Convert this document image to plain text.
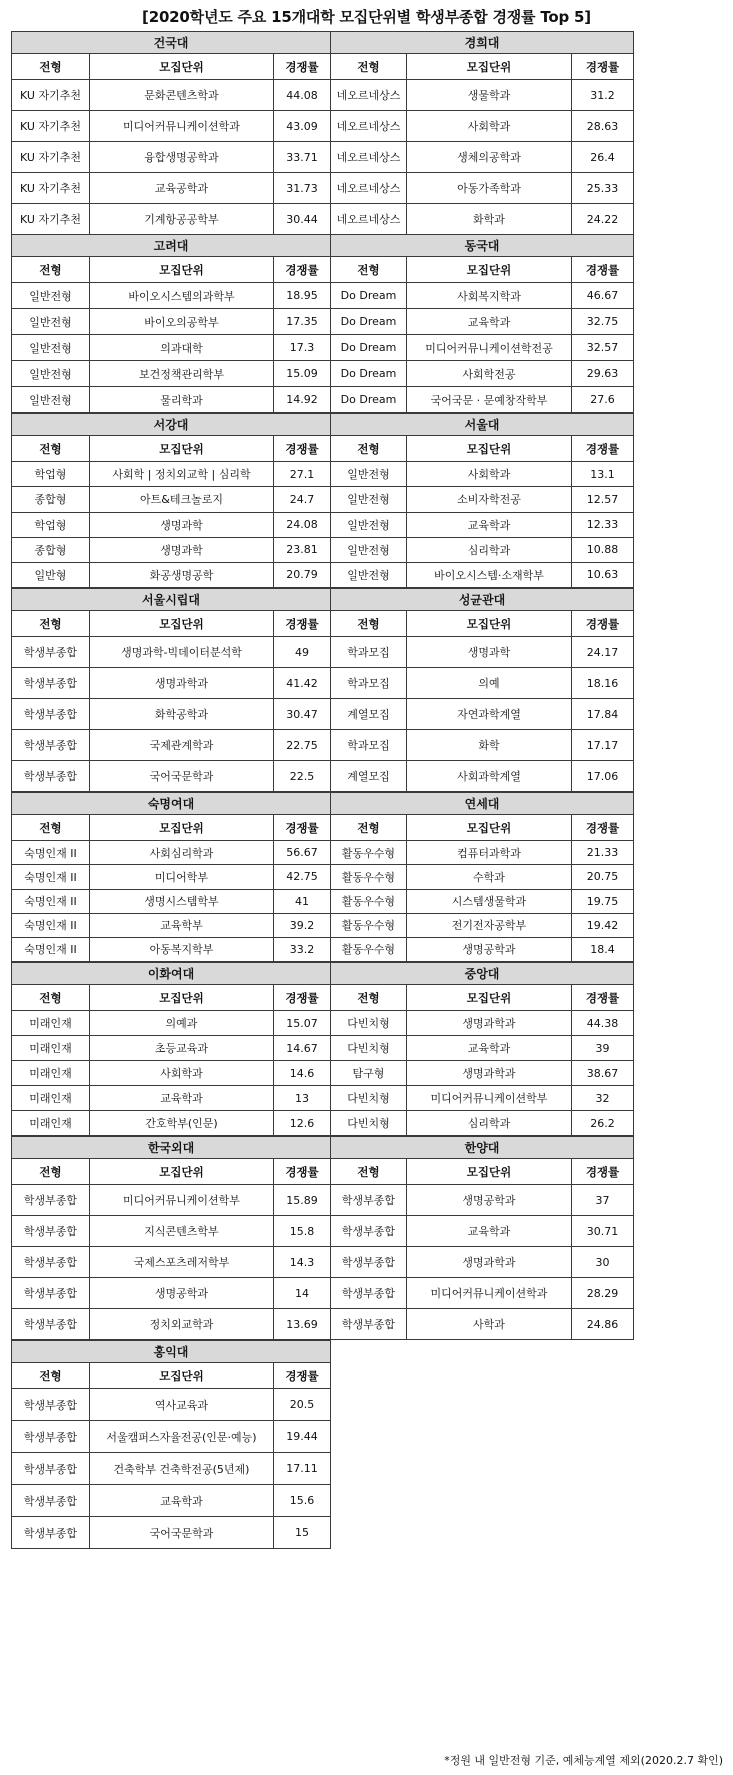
[2020학년도 주요 15개대학 모집단위별 학생부종합 경쟁률 Top 5]
건국대		
전형	모집단위	경쟁률
KU 자기추천	문화콘텐츠학과	44.08
KU 자기추천	미디어커뮤니케이션학과	43.09
KU 자기추천	융합생명공학과	33.71
KU 자기추천	교육공학과	31.73
KU 자기추천	기계항공공학부	30.44
경희대		
전형	모집단위	경쟁률
네오르네상스	생물학과	31.2
네오르네상스	사회학과	28.63
네오르네상스	생체의공학과	26.4
네오르네상스	아동가족학과	25.33
네오르네상스	화학과	24.22
고려대		
전형	모집단위	경쟁률
일반전형	바이오시스템의과학부	18.95
일반전형	바이오의공학부	17.35
일반전형	의과대학	17.3
일반전형	보건정책관리학부	15.09
일반전형	물리학과	14.92
동국대		
전형	모집단위	경쟁률
Do Dream	사회복지학과	46.67
Do Dream	교육학과	32.75
Do Dream	미디어커뮤니케이션학전공	32.57
Do Dream	사회학전공	29.63
Do Dream	국어국문 · 문예창작학부	27.6
서강대		
전형	모집단위	경쟁률
학업형	사회학 | 정치외교학 | 심리학	27.1
종합형	아트&테크놀로지	24.7
학업형	생명과학	24.08
종합형	생명과학	23.81
일반형	화공생명공학	20.79
서울대		
전형	모집단위	경쟁률
일반전형	사회학과	13.1
일반전형	소비자학전공	12.57
일반전형	교육학과	12.33
일반전형	심리학과	10.88
일반전형	바이오시스템·소재학부	10.63
서울시립대		
전형	모집단위	경쟁률
학생부종합	생명과학-빅데이터분석학	49
학생부종합	생명과학과	41.42
학생부종합	화학공학과	30.47
학생부종합	국제관계학과	22.75
학생부종합	국어국문학과	22.5
성균관대		
전형	모집단위	경쟁률
학과모집	생명과학	24.17
학과모집	의예	18.16
계열모집	자연과학계열	17.84
학과모집	화학	17.17
계열모집	사회과학계열	17.06
숙명여대		
전형	모집단위	경쟁률
숙명인재 II	사회심리학과	56.67
숙명인재 II	미디어학부	42.75
숙명인재 II	생명시스템학부	41
숙명인재 II	교육학부	39.2
숙명인재 II	아동복지학부	33.2
연세대		
전형	모집단위	경쟁률
활동우수형	컴퓨터과학과	21.33
활동우수형	수학과	20.75
활동우수형	시스템생물학과	19.75
활동우수형	전기전자공학부	19.42
활동우수형	생명공학과	18.4
이화여대		
전형	모집단위	경쟁률
미래인재	의예과	15.07
미래인재	초등교육과	14.67
미래인재	사회학과	14.6
미래인재	교육학과	13
미래인재	간호학부(인문)	12.6
중앙대		
전형	모집단위	경쟁률
다빈치형	생명과학과	44.38
다빈치형	교육학과	39
탐구형	생명과학과	38.67
다빈치형	미디어커뮤니케이션학부	32
다빈치형	심리학과	26.2
한국외대		
전형	모집단위	경쟁률
학생부종합	미디어커뮤니케이션학부	15.89
학생부종합	지식콘텐츠학부	15.8
학생부종합	국제스포츠레저학부	14.3
학생부종합	생명공학과	14
학생부종합	정치외교학과	13.69
한양대		
전형	모집단위	경쟁률
학생부종합	생명공학과	37
학생부종합	교육학과	30.71
학생부종합	생명과학과	30
학생부종합	미디어커뮤니케이션학과	28.29
학생부종합	사학과	24.86
홍익대		
전형	모집단위	경쟁률
학생부종합	역사교육과	20.5
학생부종합	서울캠퍼스자율전공(인문·예능)	19.44
학생부종합	건축학부 건축학전공(5년제)	17.11
학생부종합	교육학과	15.6
학생부종합	국어국문학과	15
*정원 내 일반전형 기준, 예체능계열 제외(2020.2.7 확인)
